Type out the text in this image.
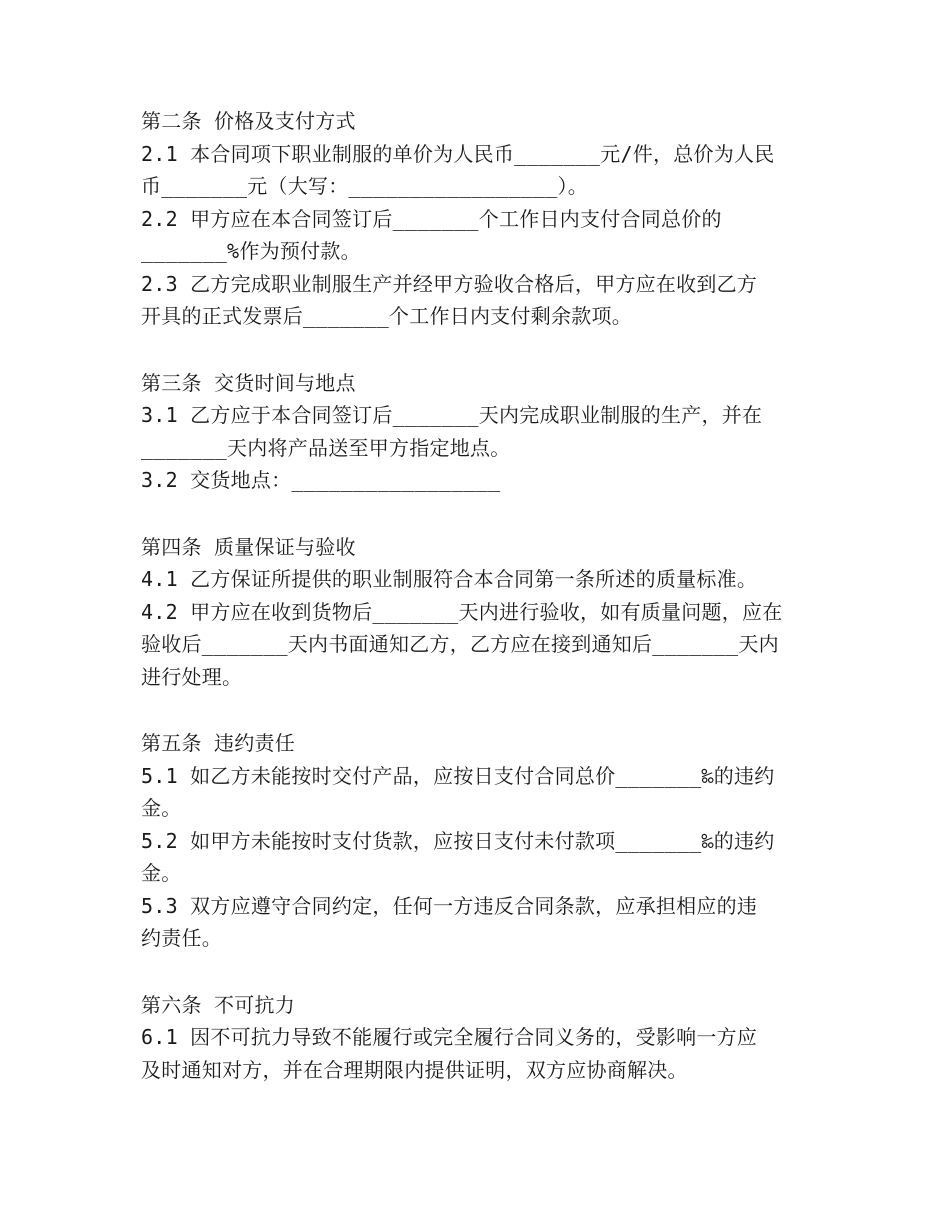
第二条 价格及支付方式
2.1 本合同项下职业制服的单价为人民币_______元/件，总价为人民
币_______元（大写：_________________）。
2.2 甲方应在本合同签订后_______个工作日内支付合同总价的
_______%作为预付款。
2.3 乙方完成职业制服生产并经甲方验收合格后，甲方应在收到乙方
开具的正式发票后_______个工作日内支付剩余款项。
第三条 交货时间与地点
3.1 乙方应于本合同签订后_______天内完成职业制服的生产，并在
_______天内将产品送至甲方指定地点。
3.2 交货地点：_________________
第四条 质量保证与验收
4.1 乙方保证所提供的职业制服符合本合同第一条所述的质量标准。
4.2 甲方应在收到货物后_______天内进行验收，如有质量问题，应在
验收后_______天内书面通知乙方，乙方应在接到通知后_______天内
进行处理。
第五条 违约责任
5.1 如乙方未能按时交付产品，应按日支付合同总价_______‰的违约
金。
5.2 如甲方未能按时支付货款，应按日支付未付款项_______‰的违约
金。
5.3 双方应遵守合同约定，任何一方违反合同条款，应承担相应的违
约责任。
第六条 不可抗力
6.1 因不可抗力导致不能履行或完全履行合同义务的，受影响一方应
及时通知对方，并在合理期限内提供证明，双方应协商解决。
